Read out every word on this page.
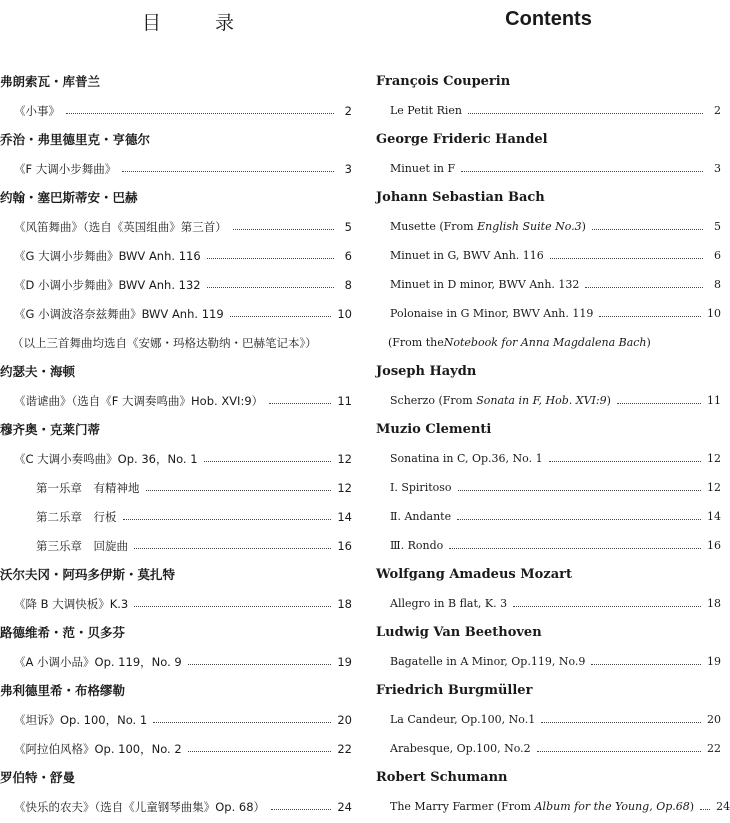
目 录
弗朗索瓦・库普兰
《小事》	2
乔治・弗里德里克・亨德尔
《F 大调小步舞曲》	3
约翰・塞巴斯蒂安・巴赫
《风笛舞曲》（选自《英国组曲》第三首）	5
《G 大调小步舞曲》BWV Anh. 116	6
《D 小调小步舞曲》BWV Anh. 132	8
《G 小调波洛奈兹舞曲》BWV Anh. 119	10
（以上三首舞曲均选自《安娜・玛格达勒纳・巴赫笔记本》）
约瑟夫・海顿
《谐谑曲》（选自《F 大调奏鸣曲》Hob. XVI:9）	11
穆齐奥・克莱门蒂
《C 大调小奏鸣曲》Op. 36，No. 1	12
第一乐章　有精神地	12
第二乐章　行板	14
第三乐章　回旋曲	16
沃尔夫冈・阿玛多伊斯・莫扎特
《降 B 大调快板》K.3	18
路德维希・范・贝多芬
《A 小调小品》Op. 119，No. 9	19
弗利德里希・布格缪勒
《坦诉》Op. 100，No. 1	20
《阿拉伯风格》Op. 100，No. 2	22
罗伯特・舒曼
《快乐的农夫》（选自《儿童钢琴曲集》Op. 68）	24
Contents
François Couperin
Le Petit Rien	2
George Frideric Handel
Minuet in F	3
Johann Sebastian Bach
Musette (From English Suite No.3)	5
Minuet in G, BWV Anh. 116	6
Minuet in D minor, BWV Anh. 132	8
Polonaise in G Minor, BWV Anh. 119	10
(From the Notebook for Anna Magdalena Bach )
Joseph Haydn
Scherzo (From Sonata in F, Hob. XVI:9)	11
Muzio Clementi
Sonatina in C, Op.36, No. 1	12
Ⅰ. Spiritoso	12
Ⅱ. Andante	14
Ⅲ. Rondo	16
Wolfgang Amadeus Mozart
Allegro in B flat, K. 3	18
Ludwig Van Beethoven
Bagatelle in A Minor, Op.119, No.9	19
Friedrich Burgmüller
La Candeur, Op.100, No.1	20
Arabesque, Op.100, No.2	22
Robert Schumann
The Marry Farmer (From Album for the Young, Op.68) 24
